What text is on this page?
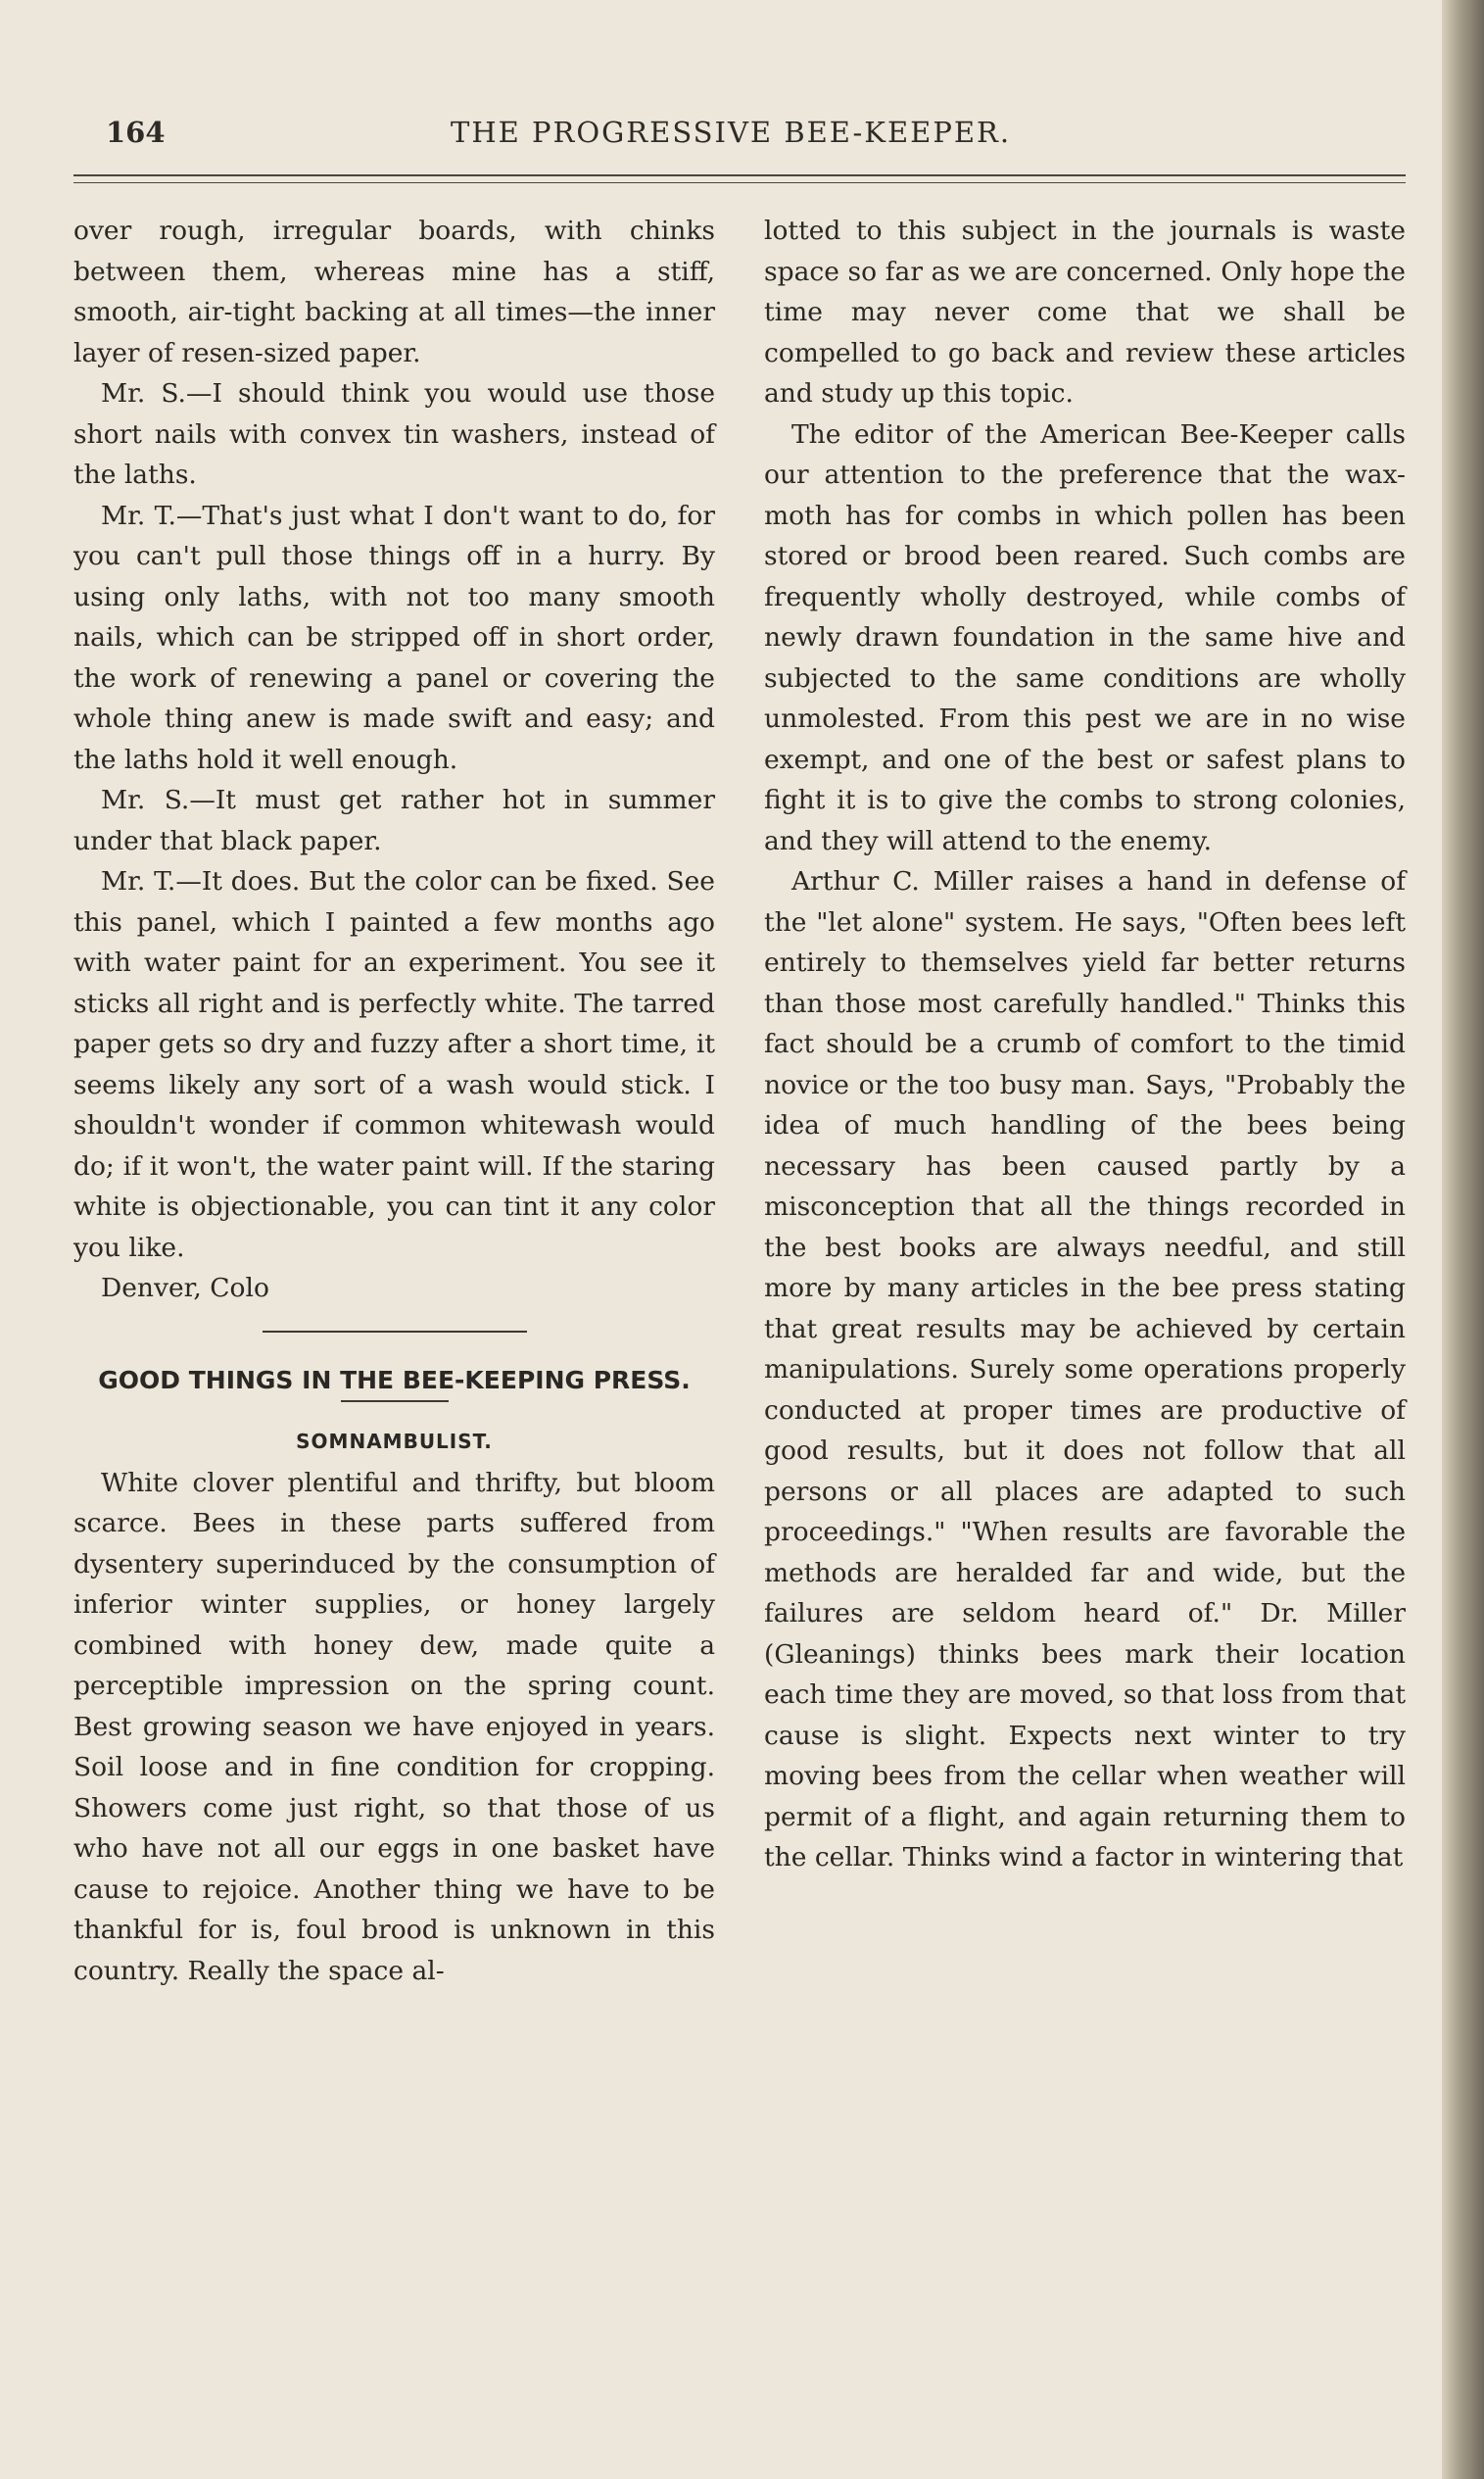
164	THE PROGRESSIVE BEE-KEEPER.

over rough, irregular boards, with chinks between them, whereas mine has a stiff, smooth, air-tight backing at all times—the inner layer of resen-sized paper.

Mr. S.—I should think you would use those short nails with convex tin washers, instead of the laths.

Mr. T.—That's just what I don't want to do, for you can't pull those things off in a hurry. By using only laths, with not too many smooth nails, which can be stripped off in short order, the work of renewing a panel or covering the whole thing anew is made swift and easy; and the laths hold it well enough.

Mr. S.—It must get rather hot in summer under that black paper.

Mr. T.—It does. But the color can be fixed. See this panel, which I painted a few months ago with water paint for an experiment. You see it sticks all right and is perfectly white. The tarred paper gets so dry and fuzzy after a short time, it seems likely any sort of a wash would stick. I shouldn't wonder if common whitewash would do; if it won't, the water paint will. If the staring white is objectionable, you can tint it any color you like.

Denver, Colo

GOOD THINGS IN THE BEE-KEEPING PRESS.

SOMNAMBULIST.

White clover plentiful and thrifty, but bloom scarce. Bees in these parts suffered from dysentery superinduced by the consumption of inferior winter supplies, or honey largely combined with honey dew, made quite a perceptible impression on the spring count. Best growing season we have enjoyed in years. Soil loose and in fine condition for cropping. Showers come just right, so that those of us who have not all our eggs in one basket have cause to rejoice. Another thing we have to be thankful for is, foul brood is unknown in this country. Really the space al-

lotted to this subject in the journals is waste space so far as we are concerned. Only hope the time may never come that we shall be compelled to go back and review these articles and study up this topic.

The editor of the American Bee-Keeper calls our attention to the preference that the wax-moth has for combs in which pollen has been stored or brood been reared. Such combs are frequently wholly destroyed, while combs of newly drawn foundation in the same hive and subjected to the same conditions are wholly unmolested. From this pest we are in no wise exempt, and one of the best or safest plans to fight it is to give the combs to strong colonies, and they will attend to the enemy.

Arthur C. Miller raises a hand in defense of the "let alone" system. He says, "Often bees left entirely to themselves yield far better returns than those most carefully handled." Thinks this fact should be a crumb of comfort to the timid novice or the too busy man. Says, "Probably the idea of much handling of the bees being necessary has been caused partly by a misconception that all the things recorded in the best books are always needful, and still more by many articles in the bee press stating that great results may be achieved by certain manipulations. Surely some operations properly conducted at proper times are productive of good results, but it does not follow that all persons or all places are adapted to such proceedings." "When results are favorable the methods are heralded far and wide, but the failures are seldom heard of." Dr. Miller (Gleanings) thinks bees mark their location each time they are moved, so that loss from that cause is slight. Expects next winter to try moving bees from the cellar when weather will permit of a flight, and again returning them to the cellar. Thinks wind a factor in wintering that
